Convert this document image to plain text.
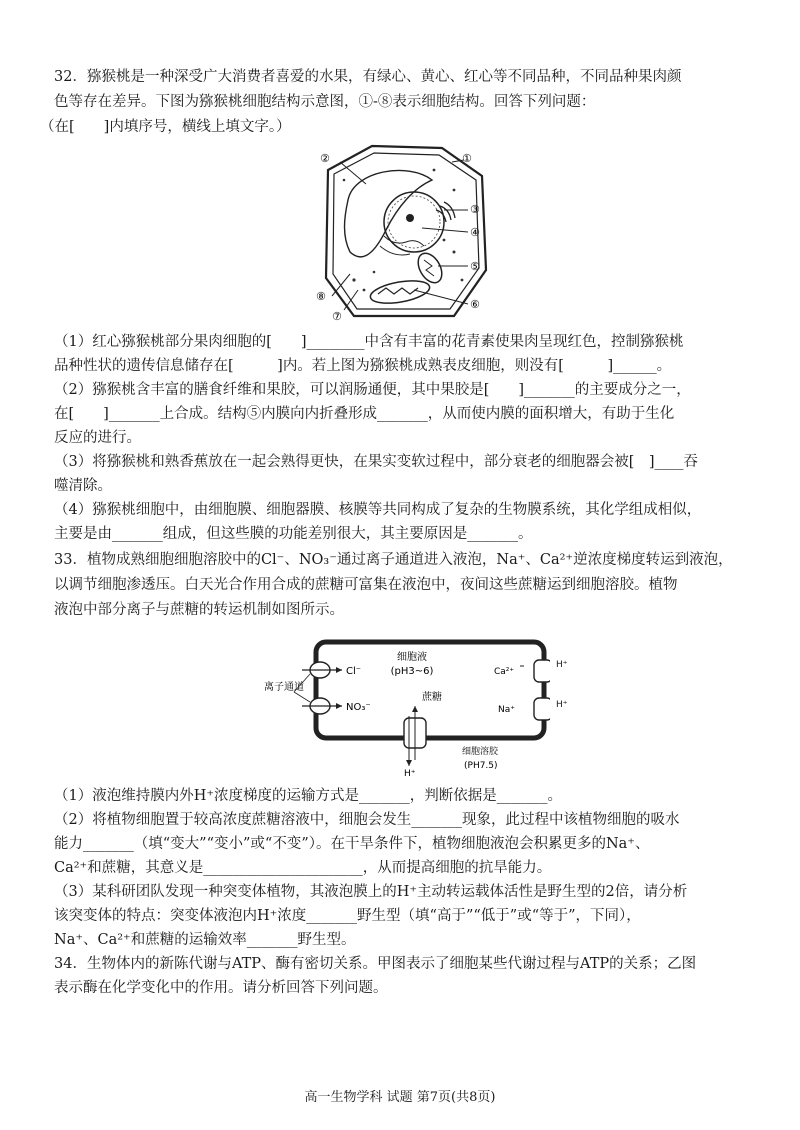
32．猕猴桃是一种深受广大消费者喜爱的水果，有绿心、黄心、红心等不同品种，不同品种果肉颜
色等存在差异。下图为猕猴桃细胞结构示意图，①-⑧表示细胞结构。回答下列问题：
（在[　　]内填序号，横线上填文字。）
①
②
③
④
⑤
⑥
⑦
⑧
（1）红心猕猴桃部分果肉细胞的[　　]________中含有丰富的花青素使果肉呈现红色，控制猕猴桃
品种性状的遗传信息储存在[　　　]内。若上图为猕猴桃成熟表皮细胞，则没有[　　　]______。
（2）猕猴桃含丰富的膳食纤维和果胶，可以润肠通便，其中果胶是[　　]_______的主要成分之一，
在[　　]_______上合成。结构⑤内膜向内折叠形成_______，从而使内膜的面积增大，有助于生化
反应的进行。
（3）将猕猴桃和熟香蕉放在一起会熟得更快，在果实变软过程中，部分衰老的细胞器会被[　]____吞
噬清除。
（4）猕猴桃细胞中，由细胞膜、细胞器膜、核膜等共同构成了复杂的生物膜系统，其化学组成相似，
主要是由_______组成，但这些膜的功能差别很大，其主要原因是_______。
33．植物成熟细胞细胞溶胶中的Cl⁻、NO₃⁻通过离子通道进入液泡，Na⁺、Ca²⁺逆浓度梯度转运到液泡，
以调节细胞渗透压。白天光合作用合成的蔗糖可富集在液泡中，夜间这些蔗糖运到细胞溶胶。植物
液泡中部分离子与蔗糖的转运机制如图所示。
细胞液
(pH3~6)
蔗糖
离子通道
Cl⁻
NO₃⁻
H⁺
Ca²⁺
Na⁺
细胞溶胶
(PH7.5)
H⁺
H⁺
（1）液泡维持膜内外H⁺浓度梯度的运输方式是_______，判断依据是_______。
（2）将植物细胞置于较高浓度蔗糖溶液中，细胞会发生_______现象，此过程中该植物细胞的吸水
能力_______（填“变大”“变小”或“不变”）。在干旱条件下，植物细胞液泡会积累更多的Na⁺、
Ca²⁺和蔗糖，其意义是______________________，从而提高细胞的抗旱能力。
（3）某科研团队发现一种突变体植物，其液泡膜上的H⁺主动转运载体活性是野生型的2倍，请分析
该突变体的特点：突变体液泡内H⁺浓度_______野生型（填“高于”“低于”或“等于”，下同），
Na⁺、Ca²⁺和蔗糖的运输效率_______野生型。
34．生物体内的新陈代谢与ATP、酶有密切关系。甲图表示了细胞某些代谢过程与ATP的关系；乙图
表示酶在化学变化中的作用。请分析回答下列问题。
高一生物学科 试题 第7页(共8页)
